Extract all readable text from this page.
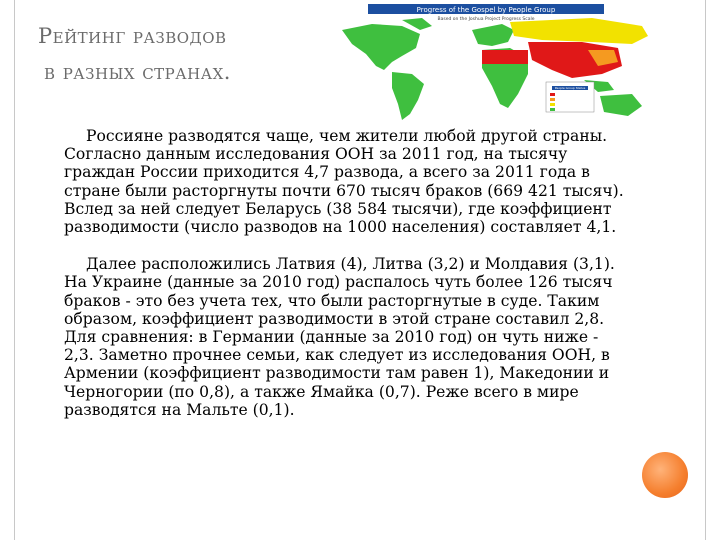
Рейтинг разводов
в разных странах.
Progress of the Gospel by People Group
Based on the Joshua Project Progress Scale
People Group Status

Россияне разводятся чаще, чем жители любой другой страны. Согласно данным исследования ООН за 2011 год, на тысячу граждан России приходится 4,7 развода, а всего за 2011 года в стране были расторгнуты почти 670 тысяч браков (669 421 тысяч). Вслед за ней следует Беларусь (38 584 тысячи), где коэффициент разводимости (число разводов на 1000 населения) составляет 4,1.

Далее расположились Латвия (4), Литва (3,2) и Молдавия (3,1). На Украине (данные за 2010 год) распалось чуть более 126 тысяч браков - это без учета тех, что были расторгнутые в суде. Таким образом, коэффициент разводимости в этой стране составил 2,8. Для сравнения: в Германии (данные за 2010 год) он чуть ниже - 2,3. Заметно прочнее семьи, как следует из исследования ООН, в Армении (коэффициент разводимости там равен 1), Македонии и Черногории (по 0,8), а также Ямайка (0,7). Реже всего в мире разводятся на Мальте (0,1).
